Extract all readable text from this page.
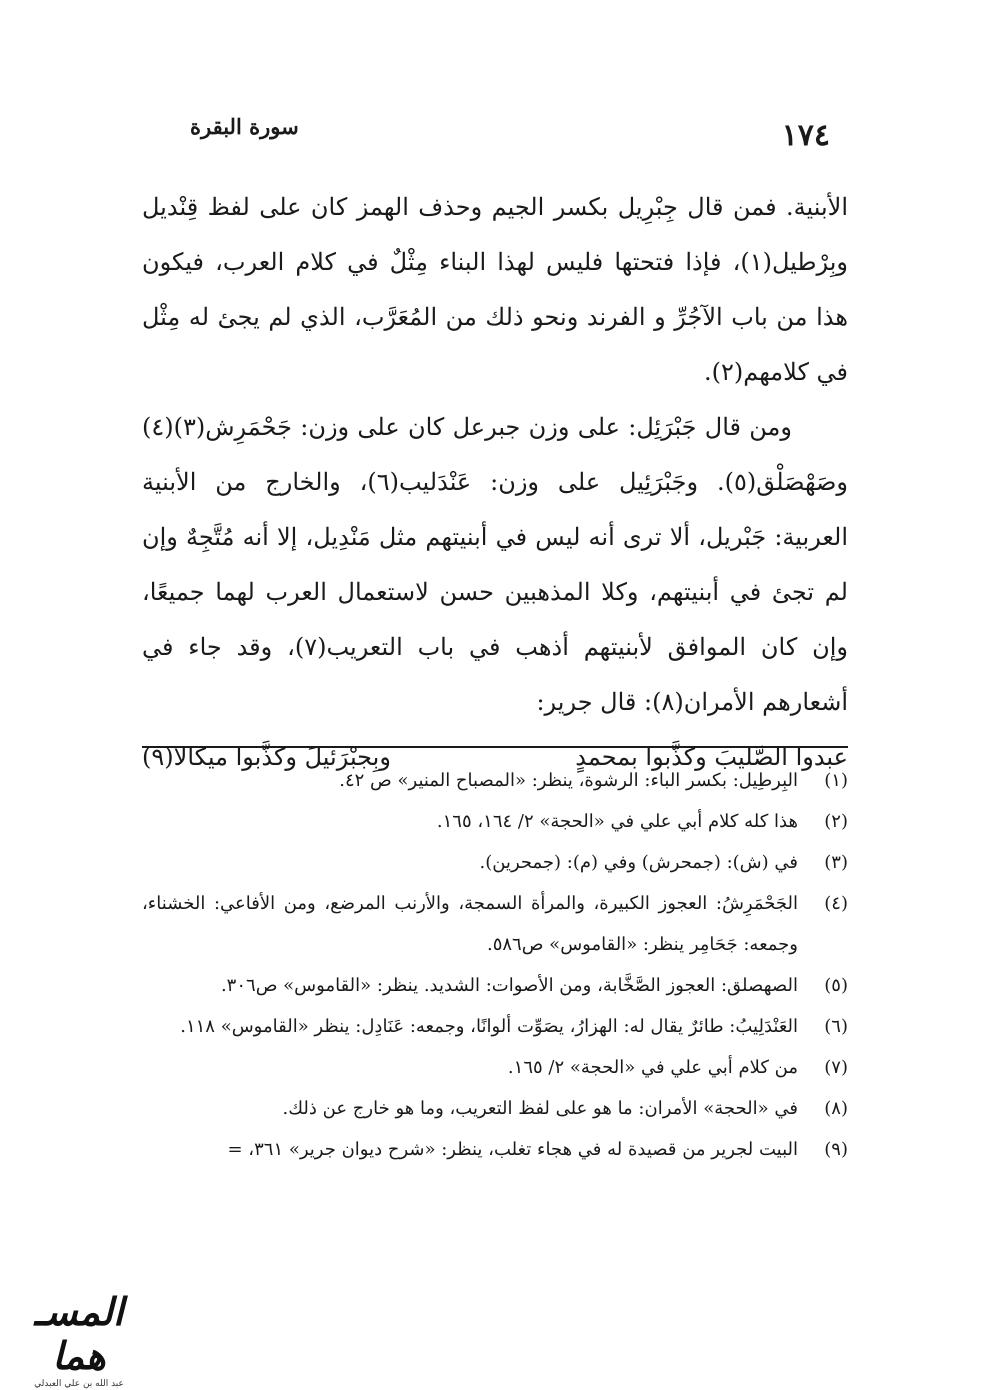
١٧٤
سورة البقرة

الأبنية. فمن قال جِبْرِيل بكسر الجيم وحذف الهمز كان على لفظ قِنْديل وبِرْطيل(١)، فإذا فتحتها فليس لهذا البناء مِثْلٌ في كلام العرب، فيكون هذا من باب الآجُرِّ و الفرند ونحو ذلك من المُعَرَّب، الذي لم يجئ له مِثْل في كلامهم(٢).

ومن قال جَبْرَئِل: على وزن جبرعل كان على وزن: جَحْمَرِش(٣)(٤) وصَهْصَلْق(٥). وجَبْرَئِيل على وزن: عَنْدَليب(٦)، والخارج من الأبنية العربية: جَبْريل، ألا ترى أنه ليس في أبنيتهم مثل مَنْدِيل، إلا أنه مُتَّجِهٌ وإن لم تجئ في أبنيتهم، وكلا المذهبين حسن لاستعمال العرب لهما جميعًا، وإن كان الموافق لأبنيتهم أذهب في باب التعريب(٧)، وقد جاء في أشعارهم الأمران(٨): قال جرير:

عبدوا الصَّليبَ وكذَّبوا بمحمدٍ
وبِجبْرَئيلَ وكذَّبوا ميكالا(٩)

(١)
البِرطِيل: بكسر الباء: الرشوة، ينظر: «المصباح المنير» ص ٤٢.
(٢)
هذا كله كلام أبي علي في «الحجة» ٢/ ١٦٤، ١٦٥.
(٣)
في (ش): (جمحرش) وفي (م): (جمحرين).
(٤)
الجَحْمَرِشُ: العجوز الكبيرة، والمرأة السمجة، والأرنب المرضع، ومن الأفاعي: الخشناء، وجمعه: جَحَامِر ينظر: «القاموس» ص٥٨٦.
(٥)
الصهصلق: العجوز الصَّخَّابة، ومن الأصوات: الشديد. ينظر: «القاموس» ص٣٠٦.
(٦)
العَنْدَلِيبُ: طائرٌ يقال له: الهزارُ، يصَوِّت ألوانًا، وجمعه: عَنَادِل: ينظر «القاموس» ١١٨.
(٧)
من كلام أبي علي في «الحجة» ٢/ ١٦٥.
(٨)
في «الحجة» الأمران: ما هو على لفظ التعريب، وما هو خارج عن ذلك.
(٩)
البيت لجرير من قصيدة له في هجاء تغلب، ينظر: «شرح ديوان جرير» ٣٦١، =
المسـ هما
عبد الله بن علي العبدلي
